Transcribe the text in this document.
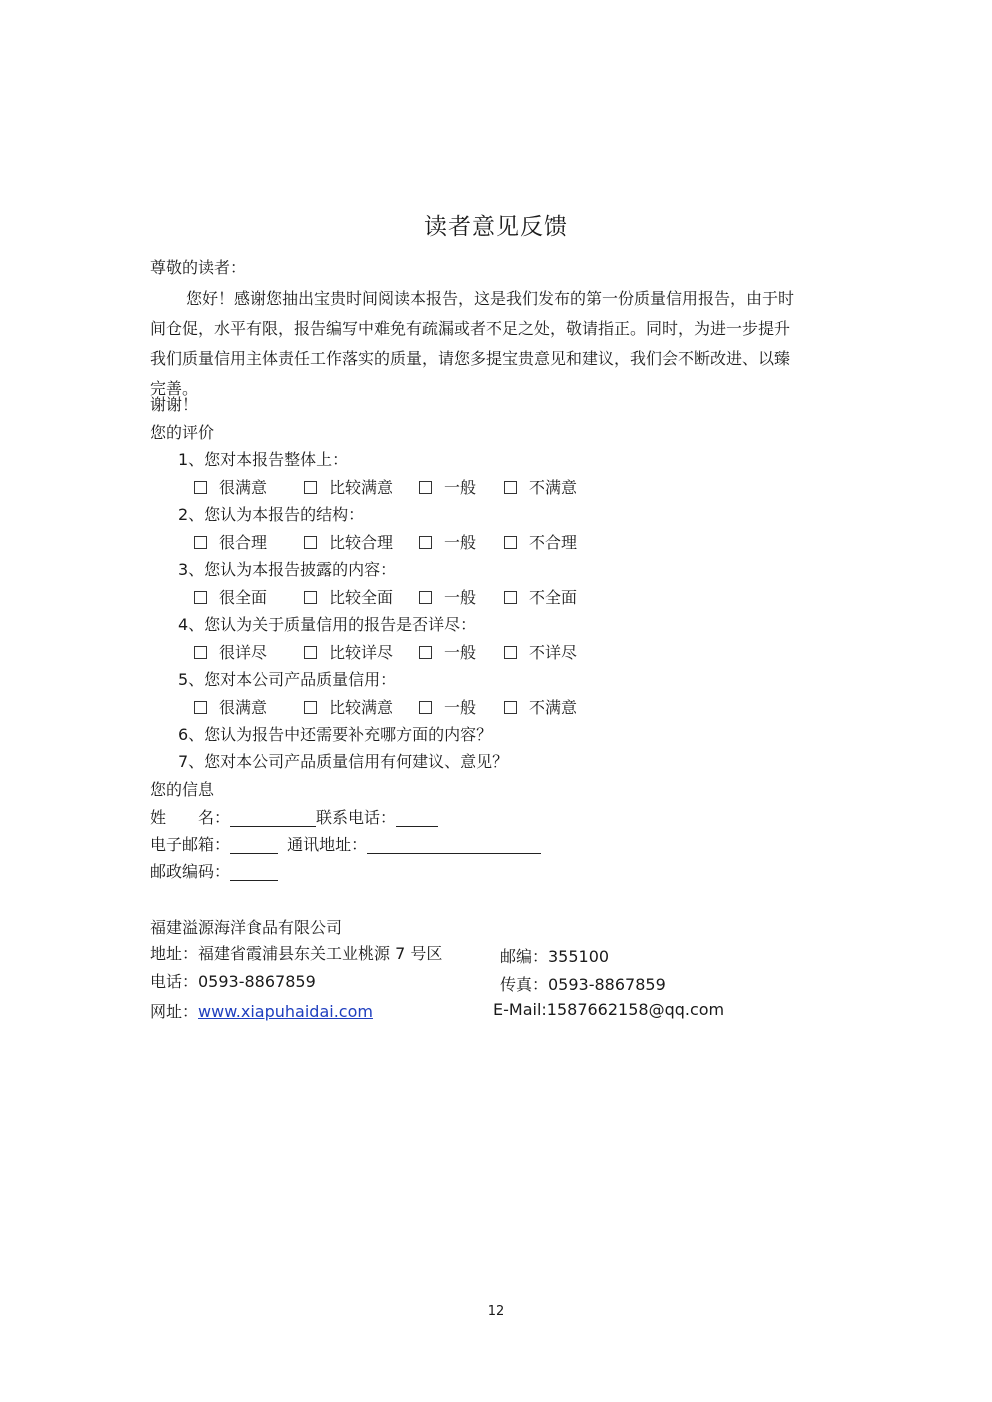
读者意见反馈
尊敬的读者：
您好！感谢您抽出宝贵时间阅读本报告，这是我们发布的第一份质量信用报告，由于时
间仓促，水平有限，报告编写中难免有疏漏或者不足之处，敬请指正。同时，为进一步提升
我们质量信用主体责任工作落实的质量，请您多提宝贵意见和建议，我们会不断改进、以臻
完善。
谢谢！
您的评价
1、您对本报告整体上：
很满意	比较满意	一般	不满意
2、您认为本报告的结构：
很合理	比较合理	一般	不合理
3、您认为本报告披露的内容：
很全面	比较全面	一般	不全面
4、您认为关于质量信用的报告是否详尽：
很详尽	比较详尽	一般	不详尽
5、您对本公司产品质量信用：
很满意	比较满意	一般	不满意
6、您认为报告中还需要补充哪方面的内容？
7、您对本公司产品质量信用有何建议、意见？
您的信息
姓　　名：	联系电话：
电子邮箱：	通讯地址：
邮政编码：
福建溢源海洋食品有限公司
地址：福建省霞浦县东关工业桃源 7 号区	邮编：355100
电话：0593-8867859	传真：0593-8867859
网址：www.xiapuhaidai.com	E-Mail:1587662158@qq.com
12
